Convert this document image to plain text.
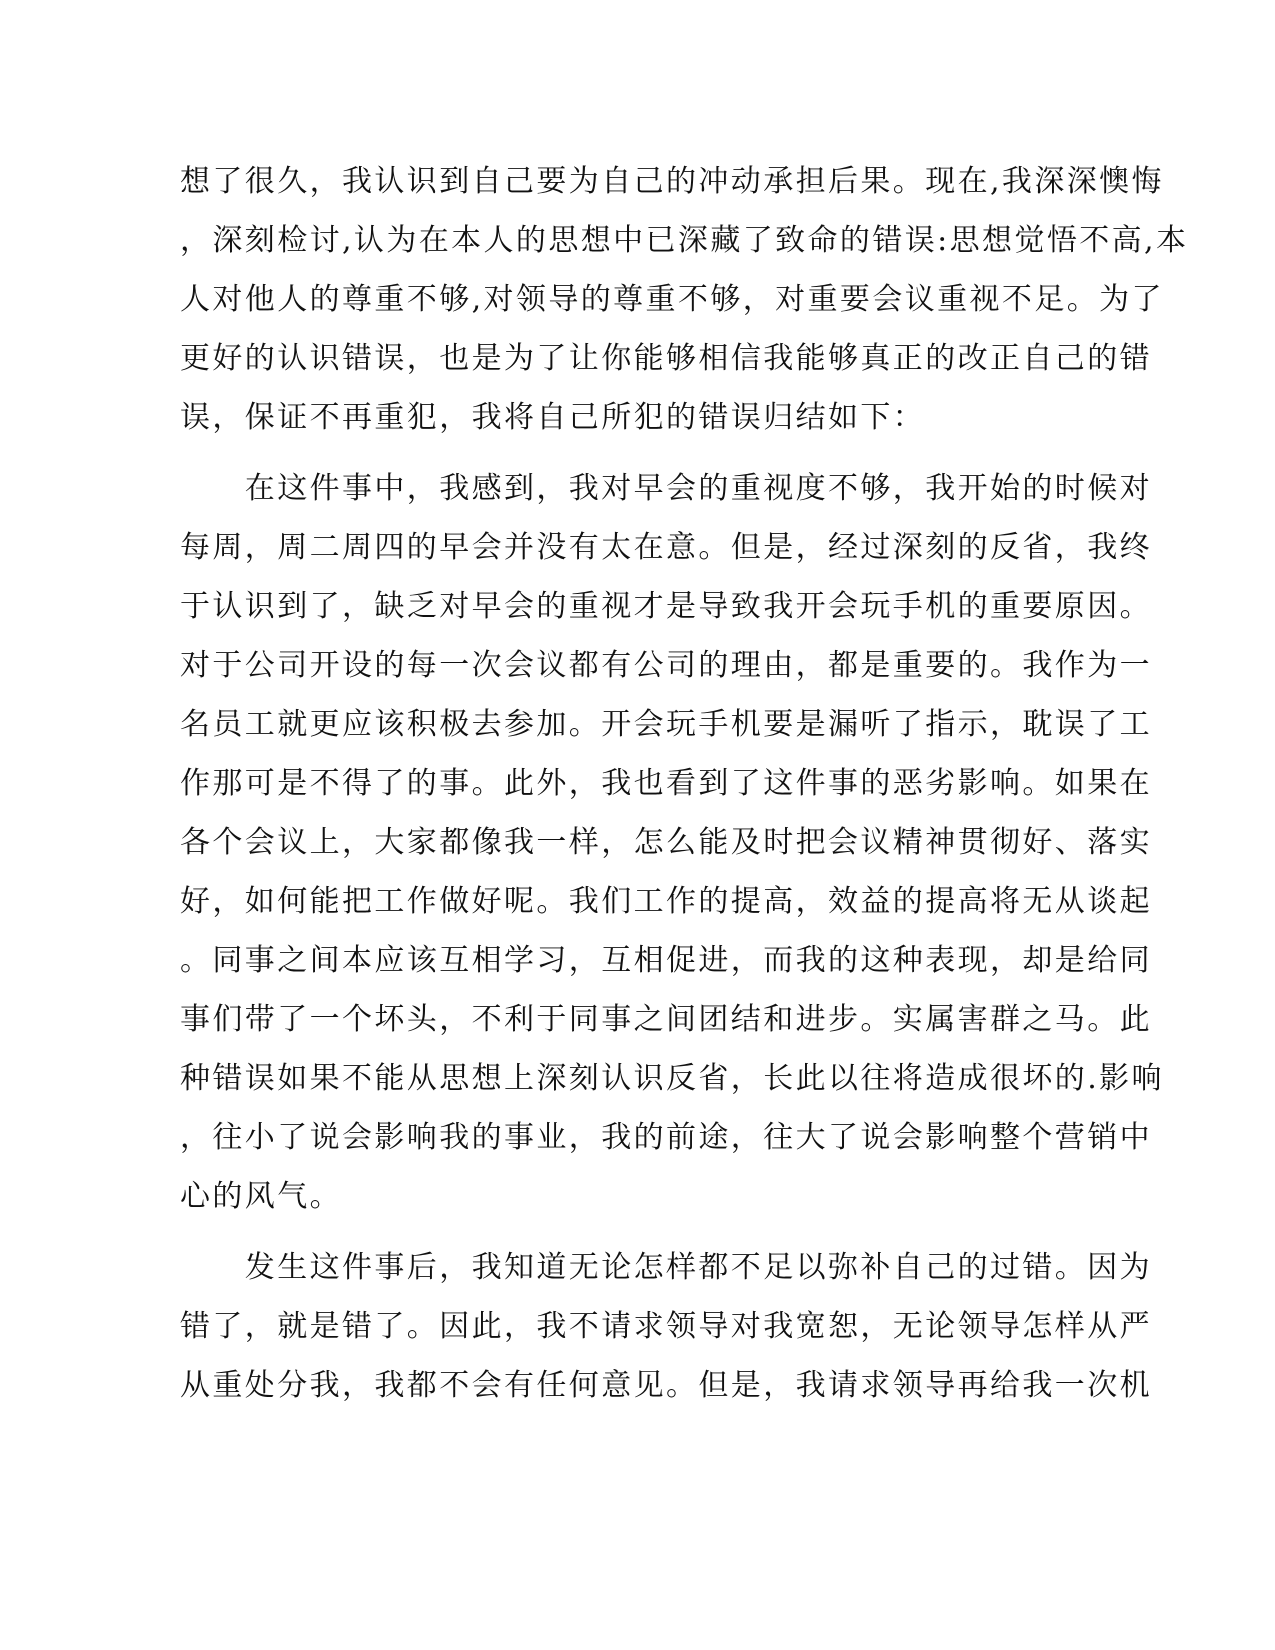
想了很久，我认识到自己要为自己的冲动承担后果。现在,我深深懊悔
，深刻检讨,认为在本人的思想中已深藏了致命的错误:思想觉悟不高,本
人对他人的尊重不够,对领导的尊重不够，对重要会议重视不足。为了
更好的认识错误，也是为了让你能够相信我能够真正的改正自己的错
误，保证不再重犯，我将自己所犯的错误归结如下：
　　在这件事中，我感到，我对早会的重视度不够，我开始的时候对
每周，周二周四的早会并没有太在意。但是，经过深刻的反省，我终
于认识到了，缺乏对早会的重视才是导致我开会玩手机的重要原因。
对于公司开设的每一次会议都有公司的理由，都是重要的。我作为一
名员工就更应该积极去参加。开会玩手机要是漏听了指示，耽误了工
作那可是不得了的事。此外，我也看到了这件事的恶劣影响。如果在
各个会议上，大家都像我一样，怎么能及时把会议精神贯彻好、落实
好，如何能把工作做好呢。我们工作的提高，效益的提高将无从谈起
。同事之间本应该互相学习，互相促进，而我的这种表现，却是给同
事们带了一个坏头，不利于同事之间团结和进步。实属害群之马。此
种错误如果不能从思想上深刻认识反省，长此以往将造成很坏的.影响
，往小了说会影响我的事业，我的前途，往大了说会影响整个营销中
心的风气。
　　发生这件事后，我知道无论怎样都不足以弥补自己的过错。因为
错了，就是错了。因此，我不请求领导对我宽恕，无论领导怎样从严
从重处分我，我都不会有任何意见。但是，我请求领导再给我一次机
